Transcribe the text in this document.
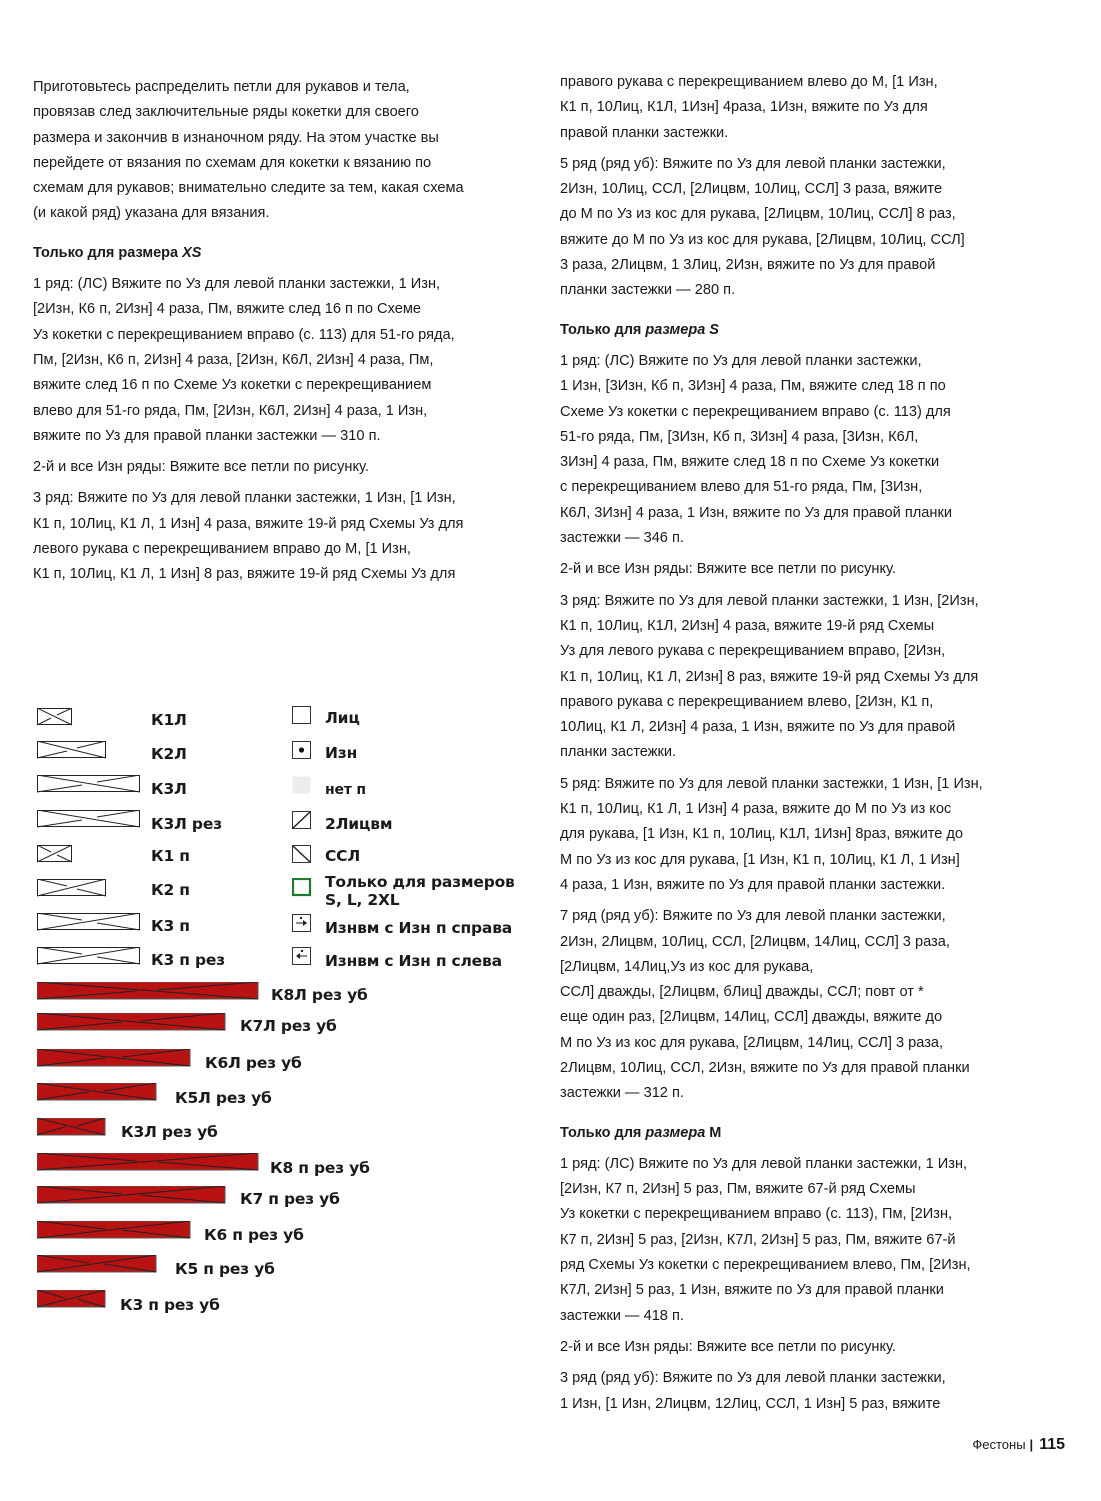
Приготовьтесь распределить петли для рукавов и тела,
провязав след заключительные ряды кокетки для своего
размера и закончив в изнаночном ряду. На этом участке вы
перейдете от вязания по схемам для кокетки к вязанию по
схемам для рукавов; внимательно следите за тем, какая схема
(и какой ряд) указана для вязания.

Только для размера XS

1 ряд: (ЛС) Вяжите по Уз для левой планки застежки, 1 Изн,
[2Изн, К6 п, 2Изн] 4 раза, Пм, вяжите след 16 п по Схеме
Уз кокетки с перекрещиванием вправо (с. 113) для 51-го ряда,
Пм, [2Изн, К6 п, 2Изн] 4 раза, [2Изн, К6Л, 2Изн] 4 раза, Пм,
вяжите след 16 п по Схеме Уз кокетки с перекрещиванием
влево для 51-го ряда, Пм, [2Изн, К6Л, 2Изн] 4 раза, 1 Изн,
вяжите по Уз для правой планки застежки — 310 п.

2-й и все Изн ряды: Вяжите все петли по рисунку.

3 ряд: Вяжите по Уз для левой планки застежки, 1 Изн, [1 Изн,
К1 п, 10Лиц, К1 Л, 1 Изн] 4 раза, вяжите 19-й ряд Схемы Уз для
левого рукава с перекрещиванием вправо до М, [1 Изн,
К1 п, 10Лиц, К1 Л, 1 Изн] 8 раз, вяжите 19-й ряд Схемы Уз для

правого рукава с перекрещиванием влево до М, [1 Изн,
К1 п, 10Лиц, К1Л, 1Изн] 4раза, 1Изн, вяжите по Уз для
правой планки застежки.

5 ряд (ряд уб): Вяжите по Уз для левой планки застежки,
2Изн, 10Лиц, ССЛ, [2Лицвм, 10Лиц, ССЛ] 3 раза, вяжите
до М по Уз из кос для рукава, [2Лицвм, 10Лиц, ССЛ] 8 раз,
вяжите до М по Уз из кос для рукава, [2Лицвм, 10Лиц, ССЛ]
3 раза, 2Лицвм, 1 3Лиц, 2Изн, вяжите по Уз для правой
планки застежки — 280 п.

Только для размера S

1 ряд: (ЛС) Вяжите по Уз для левой планки застежки,
1 Изн, [3Изн, Кб п, 3Изн] 4 раза, Пм, вяжите след 18 п по
Схеме Уз кокетки с перекрещиванием вправо (с. 113) для
51-го ряда, Пм, [3Изн, Кб п, 3Изн] 4 раза, [3Изн, К6Л,
3Изн] 4 раза, Пм, вяжите след 18 п по Схеме Уз кокетки
с перекрещиванием влево для 51-го ряда, Пм, [3Изн,
К6Л, 3Изн] 4 раза, 1 Изн, вяжите по Уз для правой планки
застежки — 346 п.

2-й и все Изн ряды: Вяжите все петли по рисунку.

3 ряд: Вяжите по Уз для левой планки застежки, 1 Изн, [2Изн,
К1 п, 10Лиц, К1Л, 2Изн] 4 раза, вяжите 19-й ряд Схемы
Уз для левого рукава с перекрещиванием вправо, [2Изн,
К1 п, 10Лиц, К1 Л, 2Изн] 8 раз, вяжите 19-й ряд Схемы Уз для
правого рукава с перекрещиванием влево, [2Изн, К1 п,
10Лиц, К1 Л, 2Изн] 4 раза, 1 Изн, вяжите по Уз для правой
планки застежки.

5 ряд: Вяжите по Уз для левой планки застежки, 1 Изн, [1 Изн,
К1 п, 10Лиц, К1 Л, 1 Изн] 4 раза, вяжите до М по Уз из кос
для рукава, [1 Изн, К1 п, 10Лиц, К1Л, 1Изн] 8раз, вяжите до
М по Уз из кос для рукава, [1 Изн, К1 п, 10Лиц, К1 Л, 1 Изн]
4 раза, 1 Изн, вяжите по Уз для правой планки застежки.

7 ряд (ряд уб): Вяжите по Уз для левой планки застежки,
2Изн, 2Лицвм, 10Лиц, ССЛ, [2Лицвм, 14Лиц, ССЛ] 3 раза,
[2Лицвм, 14Лиц,Уз из кос для рукава,
ССЛ] дважды, [2Лицвм, бЛиц] дважды, ССЛ; повт от *
еще один раз, [2Лицвм, 14Лиц, ССЛ] дважды, вяжите до
М по Уз из кос для рукава, [2Лицвм, 14Лиц, ССЛ] 3 раза,
2Лицвм, 10Лиц, ССЛ, 2Изн, вяжите по Уз для правой планки
застежки — 312 п.

Только для размера М

1 ряд: (ЛС) Вяжите по Уз для левой планки застежки, 1 Изн,
[2Изн, К7 п, 2Изн] 5 раз, Пм, вяжите 67-й ряд Схемы
Уз кокетки с перекрещиванием вправо (с. 113), Пм, [2Изн,
К7 п, 2Изн] 5 раз, [2Изн, К7Л, 2Изн] 5 раз, Пм, вяжите 67-й
ряд Схемы Уз кокетки с перекрещиванием влево, Пм, [2Изн,
К7Л, 2Изн] 5 раз, 1 Изн, вяжите по Уз для правой планки
застежки — 418 п.

2-й и все Изн ряды: Вяжите все петли по рисунку.

3 ряд (ряд уб): Вяжите по Уз для левой планки застежки,
1 Изн, [1 Изн, 2Лицвм, 12Лиц, ССЛ, 1 Изн] 5 раз, вяжите

К1Л
К2Л
К3Л
К3Л рез
К1 п
К2 п
К3 п
К3 п рез
Лиц
Изн
нет п
2Лицвм
ССЛ
Только для размеров
S, L, 2XL
Изнвм с Изн п справа
Изнвм с Изн п слева
К8Л рез уб
К7Л рез уб
К6Л рез уб
К5Л рез уб
К3Л рез уб
К8 п рез уб
К7 п рез уб
К6 п рез уб
К5 п рез уб
К3 п рез уб
Фестоны | 115
